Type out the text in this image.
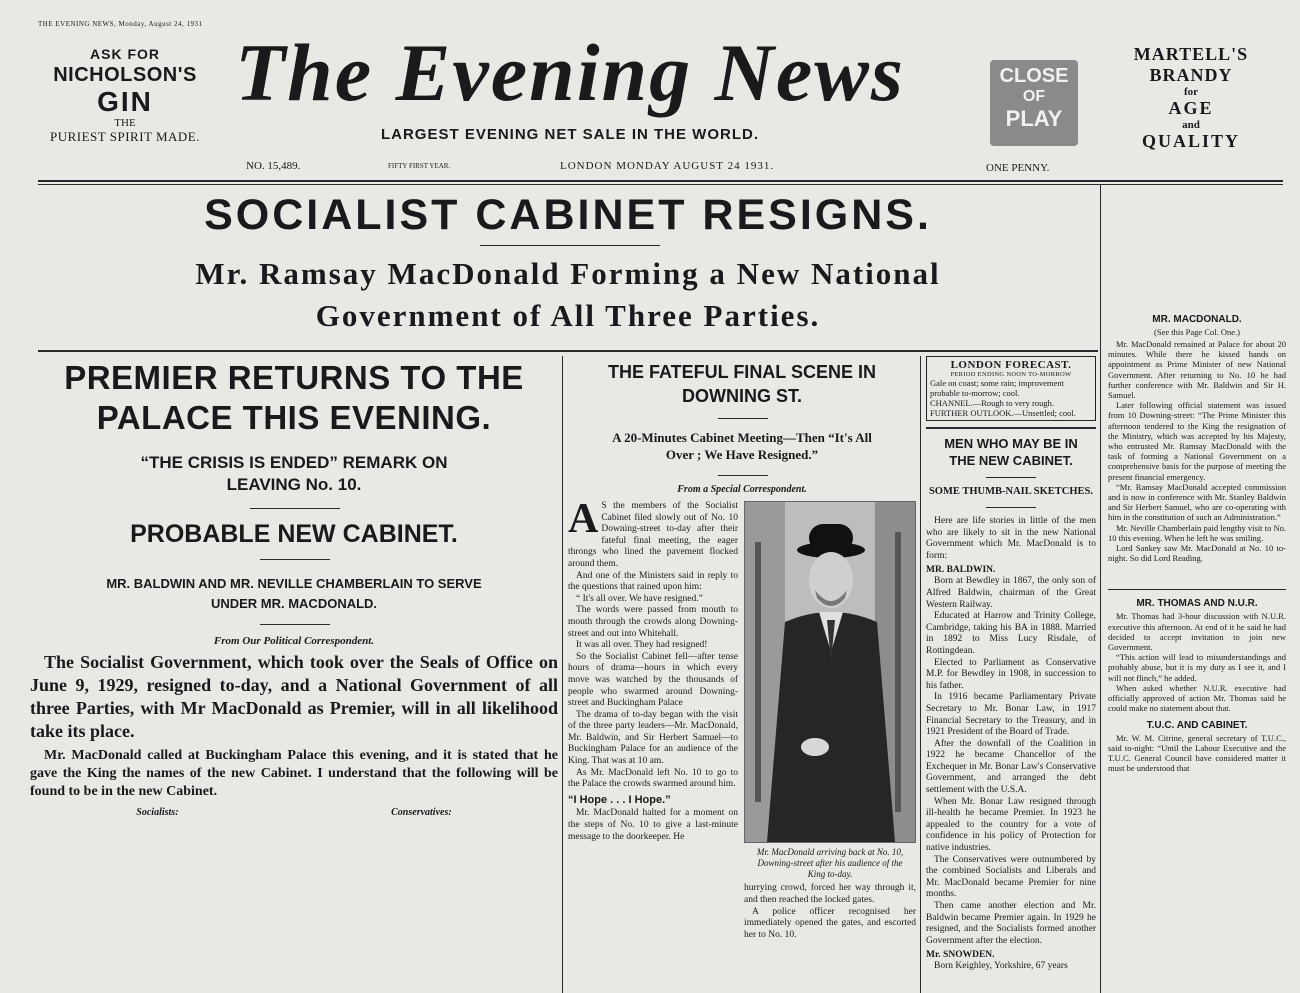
THE EVENING NEWS, Monday, August 24, 1931
ASK FOR
NICHOLSON'S
GIN
THE
PURIEST SPIRIT MADE.
The Evening News
LARGEST EVENING NET SALE IN THE WORLD.
NO. 15,489.	FIFTY FIRST YEAR.	LONDON MONDAY AUGUST 24 1931.	ONE PENNY.
CLOSE
OF
PLAY
MARTELL'S
BRANDY
for
AGE
and
QUALITY
SOCIALIST CABINET RESIGNS.
Mr. Ramsay MacDonald Forming a New National
Government of All Three Parties.
PREMIER RETURNS TO THE
PALACE THIS EVENING.
“THE CRISIS IS ENDED” REMARK ON
LEAVING No. 10.
PROBABLE NEW CABINET.
MR. BALDWIN AND MR. NEVILLE CHAMBERLAIN TO SERVE
UNDER MR. MACDONALD.
From Our Political Correspondent.
The Socialist Government, which took over the Seals of Office on June 9, 1929, resigned to-day, and a National Government of all three Parties, with Mr MacDonald as Premier, will in all likelihood take its place.
Mr. MacDonald called at Buckingham Palace this evening, and it is stated that he gave the King the names of the new Cabinet. I understand that the following will be found to be in the new Cabinet.
Socialists:	Conservatives:
THE FATEFUL FINAL SCENE IN
DOWNING ST.
A 20-Minutes Cabinet Meeting—Then “It's All
Over ; We Have Resigned.”
From a Special Correspondent.
AS the members of the Socialist Cabinet filed slowly out of No. 10 Downing-street to-day after their fateful final meeting, the eager throngs who lined the pavement flocked around them.
And one of the Ministers said in reply to the questions that rained upon him:
“ It's all over. We have resigned.”
The words were passed from mouth to mouth through the crowds along Downing-street and out into Whitehall.
It was all over. They had resigned!
So the Socialist Cabinet fell—after tense hours of drama—hours in which every move was watched by the thousands of people who swarmed around Downing-street and Buckingham Palace
The drama of to-day began with the visit of the three party leaders—Mr. MacDonald, Mr. Baldwin, and Sir Herbert Samuel—to Buckingham Palace for an audience of the King. That was at 10 am.
As Mr. MacDonald left No. 10 to go to the Palace the crowds swarmed around him.
“I Hope . . . I Hope.”
Mr. MacDonald halted for a moment on the steps of No. 10 to give a last-minute message to the doorkeeper. He
Mr. MacDonald arriving back at No. 10, Downing-street after his audience of the King to-day.
hurrying crowd, forced her way through it, and then reached the locked gates.
A police officer recognised her immediately opened the gates, and escorted her to No. 10.
LONDON FORECAST.
PERIOD ENDING NOON TO-MORROW
Gale on coast; some rain; improvement probable to-morrow; cool.
CHANNEL.—Rough to very rough.
FURTHER OUTLOOK.—Unsettled; cool.
MEN WHO MAY BE IN
THE NEW CABINET.
SOME THUMB-NAIL SKETCHES.
Here are life stories in little of the men who are likely to sit in the new National Government which Mr. MacDonald is to form:
MR. BALDWIN.
Born at Bewdley in 1867, the only son of Alfred Baldwin, chairman of the Great Western Railway.
Educated at Harrow and Trinity College, Cambridge, taking his BA in 1888. Married in 1892 to Miss Lucy Risdale, of Rottingdean.
Elected to Parliament as Conservative M.P. for Bewdley in 1908, in succession to his father.
In 1916 became Parliamentary Private Secretary to Mr. Bonar Law, in 1917 Financial Secretary to the Treasury, and in 1921 President of the Board of Trade.
After the downfall of the Coalition in 1922 he became Chancellor of the Exchequer in Mr. Bonar Law's Conservative Government, and arranged the debt settlement with the U.S.A.
When Mr. Bonar Law resigned through ill-health he became Premier. In 1923 he appealed to the country for a vote of confidence in his policy of Protection for native industries.
The Conservatives were outnumbered by the combined Socialists and Liberals and Mr. MacDonald became Premier for nine months.
Then came another election and Mr. Baldwin became Premier again. In 1929 he resigned, and the Socialists formed another Government after the election.
Mr. SNOWDEN.
Born Keighley, Yorkshire, 67 years
MR. MACDONALD.
(See this Page Col. One.)
Mr. MacDonald remained at Palace for about 20 minutes. While there he kissed hands on appointment as Prime Minister of new National Government. After returning to No. 10 he had further conference with Mr. Baldwin and Sir H. Samuel.
Later following official statement was issued from 10 Downing-street: “The Prime Minister this afternoon tendered to the King the resignation of the Ministry, which was accepted by his Majesty, who entrusted Mr. Ramsay MacDonald with the task of forming a National Government on a comprehensive basis for the purpose of meeting the present financial emergency.
“Mr. Ramsay MacDonald accepted commission and is now in conference with Mr. Stanley Baldwin and Sir Herbert Samuel, who are co-operating with him in the constitution of such an Administration.”
Mr. Neville Chamberlain paid lengthy visit to No. 10 this evening. When he left he was smiling.
Lord Sankey saw Mr. MacDonald at No. 10 to-night. So did Lord Reading.
MR. THOMAS AND N.U.R.
Mr. Thomas had 3-hour discussion with N.U.R. executive this afternoon. At end of it he said he had decided to accept invitation to join new Government.
“This action will lead to misunderstandings and probably abuse, but it is my duty as I see it, and I will not flinch,” he added.
When asked whether N.U.R. executive had officially approved of action Mr. Thomas said he could make no statement about that.
T.U.C. AND CABINET.
Mr. W. M. Citrine, general secretary of T.U.C., said to-night: “Until the Labour Executive and the T.U.C. General Council have considered matter it must be understood that
